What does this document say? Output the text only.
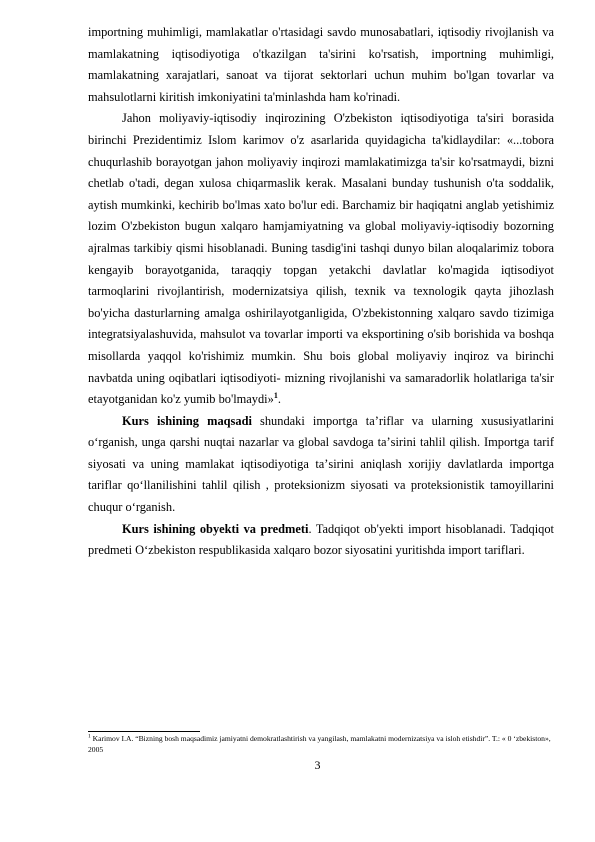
importning muhimligi, mamlakatlar o'rtasidagi savdo munosabatlari, iqtisodiy rivojlanish va mamlakatning iqtisodiyotiga o'tkazilgan ta'sirini ko'rsatish, importning muhimligi, mamlakatning xarajatlari, sanoat va tijorat sektorlari uchun muhim bo'lgan tovarlar va mahsulotlarni kiritish imkoniyatini ta'minlashda ham ko'rinadi.

Jahon moliyaviy-iqtisodiy inqirozining O'zbekiston iqtisodiyotiga ta'siri borasida birinchi Prezidentimiz Islom karimov o'z asarlarida quyidagicha ta'kidlaydilar: «...tobora chuqurlashib borayotgan jahon moliyaviy inqirozi mamlakatimizga ta'sir ko'rsatmaydi, bizni chetlab o'tadi, degan xulosa chiqarmaslik kerak. Masalani bunday tushunish o'ta soddalik, aytish mumkinki, kechirib bo'lmas xato bo'lur edi. Barchamiz bir haqiqatni anglab yetishimiz lozim O'zbekiston bugun xalqaro hamjamiyatning va global moliyaviy-iqtisodiy bozorning ajralmas tarkibiy qismi hisoblanadi. Buning tasdig'ini tashqi dunyo bilan aloqalarimiz tobora kengayib borayotganida, taraqqiy topgan yetakchi davlatlar ko'magida iqtisodiyot tarmoqlarini rivojlantirish, modernizatsiya qilish, texnik va texnologik qayta jihozlash bo'yicha dasturlarning amalga oshirilayotganligida, O'zbekistonning xalqaro savdo tizimiga integratsiyalashuvida, mahsulot va tovarlar importi va eksportining o'sib borishida va boshqa misollarda yaqqol ko'rishimiz mumkin. Shu bois global moliyaviy inqiroz va birinchi navbatda uning oqibatlari iqtisodiyoti- mizning rivojlanishi va samaradorlik holatlariga ta'sir etayotganidan ko'z yumib bo'lmaydi»$^1$.

Kurs ishining maqsadi shundaki importga taʼriflar va ularning xususiyatlarini oʻrganish, unga qarshi nuqtai nazarlar va global savdoga taʼsirini tahlil qilish. Importga tarif siyosati va uning mamlakat iqtisodiyotiga taʼsirini aniqlash xorijiy davlatlarda importga tariflar qoʻllanilishini tahlil qilish , proteksionizm siyosati va proteksionistik tamoyillarini chuqur oʻrganish.

Kurs ishining obyekti va predmeti. Tadqiqot ob'yekti import hisoblanadi. Tadqiqot predmeti Oʻzbekiston respublikasida xalqaro bozor siyosatini yuritishda import tariflari.

$^1$ Karimov I.A. “Bizning bosh maqsadimiz jamiyatni demokratlashtirish va yangilash, mamlakatni modernizatsiya va isloh etishdir”. T.: « 0 ‘zbekiston», 2005
3
